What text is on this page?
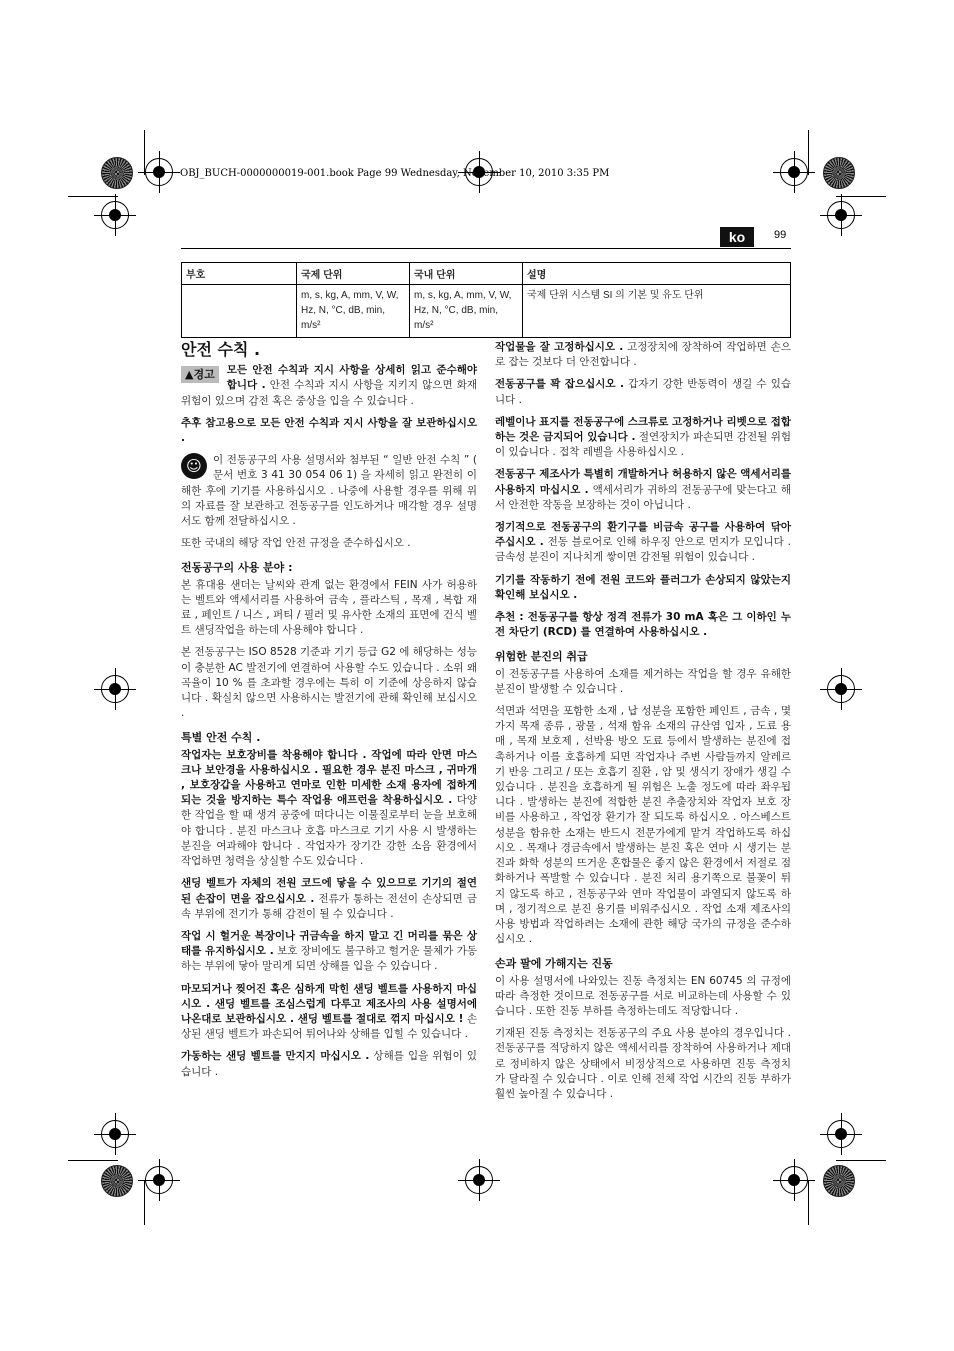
OBJ_BUCH-0000000019-001.book Page 99 Wednesday, November 10, 2010 3:35 PM
ko	99
부호	국제 단위	국내 단위	설명
	m, s, kg, A, mm, V, W, Hz, N, °C, dB, min, m/s²	m, s, kg, A, mm, V, W, Hz, N, °C, dB, min, m/s²	국제 단위 시스템 SI 의 기본 및 유도 단위
안전 수칙 .

▲경고	모든 안전 수칙과 지시 사항을 상세히 읽고 준수해야 합니다 . 안전 수칙과 지시 사항을 지키지 않으면 화재 위험이 있으며 감전 혹은 중상을 입을 수 있습니다 .

추후 참고용으로 모든 안전 수칙과 지시 사항을 잘 보관하십시오 .

☺	이 전동공구의 사용 설명서와 첨부된 “ 일반 안전 수칙 ” ( 문서 번호 3 41 30 054 06 1) 을 자세히 읽고 완전히 이해한 후에 기기를 사용하십시오 . 나중에 사용할 경우를 위해 위의 자료를 잘 보관하고 전동공구를 인도하거나 매각할 경우 설명서도 함께 전달하십시오 .

또한 국내의 해당 작업 안전 규정을 준수하십시오 .

전동공구의 사용 분야 :

본 휴대용 샌더는 날씨와 관계 없는 환경에서 FEIN 사가 허용하는 벨트와 액세서리를 사용하여 금속 , 플라스틱 , 목재 , 복합 재료 , 페인트 / 니스 , 퍼티 / 필러 및 유사한 소재의 표면에 건식 벨트 샌딩작업을 하는데 사용해야 합니다 .

본 전동공구는 ISO 8528 기준과 기기 등급 G2 에 해당하는 성능이 충분한 AC 발전기에 연결하여 사용할 수도 있습니다 . 소위 왜곡율이 10 % 를 초과할 경우에는 특히 이 기준에 상응하지 않습니다 . 확실치 않으면 사용하시는 발전기에 관해 확인해 보십시오 .

특별 안전 수칙 .

작업자는 보호장비를 착용해야 합니다 . 작업에 따라 안면 마스크나 보안경을 사용하십시오 . 필요한 경우 분진 마스크 , 귀마개 , 보호장갑을 사용하고 연마로 인한 미세한 소재 용자에 접하게 되는 것을 방지하는 특수 작업용 애프런을 착용하십시오 . 다양한 작업을 할 때 생겨 공중에 떠다니는 이물질로부터 눈을 보호해야 합니다 . 분진 마스크나 호흡 마스크로 기기 사용 시 발생하는 분진을 여과해야 합니다 . 작업자가 장기간 강한 소음 환경에서 작업하면 청력을 상실할 수도 있습니다 .

샌딩 벨트가 자체의 전원 코드에 닿을 수 있으므로 기기의 절연된 손잡이 면을 잡으십시오 . 전류가 통하는 전선이 손상되면 금속 부위에 전기가 통해 감전이 될 수 있습니다 .

작업 시 헐거운 복장이나 귀금속을 하지 말고 긴 머리를 묶은 상태를 유지하십시오 . 보호 장비에도 불구하고 헐거운 물체가 가동하는 부위에 닿아 말리게 되면 상해를 입을 수 있습니다 .

마모되거나 찢어진 혹은 심하게 막힌 샌딩 벨트를 사용하지 마십시오 . 샌딩 벨트를 조심스럽게 다루고 제조사의 사용 설명서에 나온대로 보관하십시오 . 샌딩 벨트를 절대로 꺾지 마십시오 ! 손상된 샌딩 벨트가 파손되어 튀어나와 상해를 입힐 수 있습니다 .

가동하는 샌딩 벨트를 만지지 마십시오 . 상해를 입을 위험이 있습니다 .

작업물을 잘 고정하십시오 . 고정장치에 장착하여 작업하면 손으로 잡는 것보다 더 안전합니다 .

전동공구를 꽉 잡으십시오 . 갑자기 강한 반동력이 생길 수 있습니다 .

레벨이나 표지를 전동공구에 스크류로 고정하거나 리벳으로 접합하는 것은 금지되어 있습니다 . 절연장치가 파손되면 감전될 위험이 있습니다 . 접착 레벨을 사용하십시오 .

전동공구 제조사가 특별히 개발하거나 허용하지 않은 액세서리를 사용하지 마십시오 . 액세서리가 귀하의 전동공구에 맞는다고 해서 안전한 작동을 보장하는 것이 아닙니다 .

정기적으로 전동공구의 환기구를 비금속 공구를 사용하여 닦아 주십시오 . 전동 블로어로 인해 하우징 안으로 먼지가 모입니다 . 금속성 분진이 지나치게 쌓이면 감전될 위험이 있습니다 .

기기를 작동하기 전에 전원 코드와 플러그가 손상되지 않았는지 확인해 보십시오 .

추천 : 전동공구를 항상 정격 전류가 30 mA 혹은 그 이하인 누전 차단기 (RCD) 를 연결하여 사용하십시오 .

위험한 분진의 취급

이 전동공구를 사용하여 소재를 제거하는 작업을 할 경우 유해한 분진이 발생할 수 있습니다 .

석면과 석면을 포함한 소재 , 납 성분을 포함한 페인트 , 금속 , 몇가지 목재 종류 , 광물 , 석재 함유 소재의 규산염 입자 , 도료 용매 , 목재 보호제 , 선박용 방오 도료 등에서 발생하는 분진에 접촉하거나 이를 호흡하게 되면 작업자나 주변 사람들까지 알레르기 반응 그리고 / 또는 호흡기 질환 , 암 및 생식기 장애가 생길 수 있습니다 . 분진을 호흡하게 될 위험은 노출 정도에 따라 좌우됩니다 . 발생하는 분진에 적합한 분진 추출장치와 작업자 보호 장비를 사용하고 , 작업장 환기가 잘 되도록 하십시오 . 아스베스트 성분을 함유한 소재는 반드시 전문가에게 맡겨 작업하도록 하십시오 . 목재나 경금속에서 발생하는 분진 혹은 연마 시 생기는 분진과 화학 성분의 뜨거운 혼합물은 좋지 않은 환경에서 저절로 점화하거나 폭발할 수 있습니다 . 분진 처리 용기쪽으로 불꽃이 튀지 않도록 하고 , 전동공구와 연마 작업물이 과열되지 않도록 하며 , 정기적으로 분진 용기를 비워주십시오 . 작업 소재 제조사의 사용 방법과 작업하려는 소재에 관한 해당 국가의 규정을 준수하십시오 .

손과 팔에 가해지는 진동

이 사용 설명서에 나와있는 진동 측정치는 EN 60745 의 규정에 따라 측정한 것이므로 전동공구를 서로 비교하는데 사용할 수 있습니다 . 또한 진동 부하를 측정하는데도 적당합니다 .

기재된 진동 측정치는 전동공구의 주요 사용 분야의 경우입니다 . 전동공구를 적당하지 않은 액세서리를 장착하여 사용하거나 제대로 정비하지 않은 상태에서 비정상적으로 사용하면 진동 측정치가 달라질 수 있습니다 . 이로 인해 전체 작업 시간의 진동 부하가 훨씬 높아질 수 있습니다 .
